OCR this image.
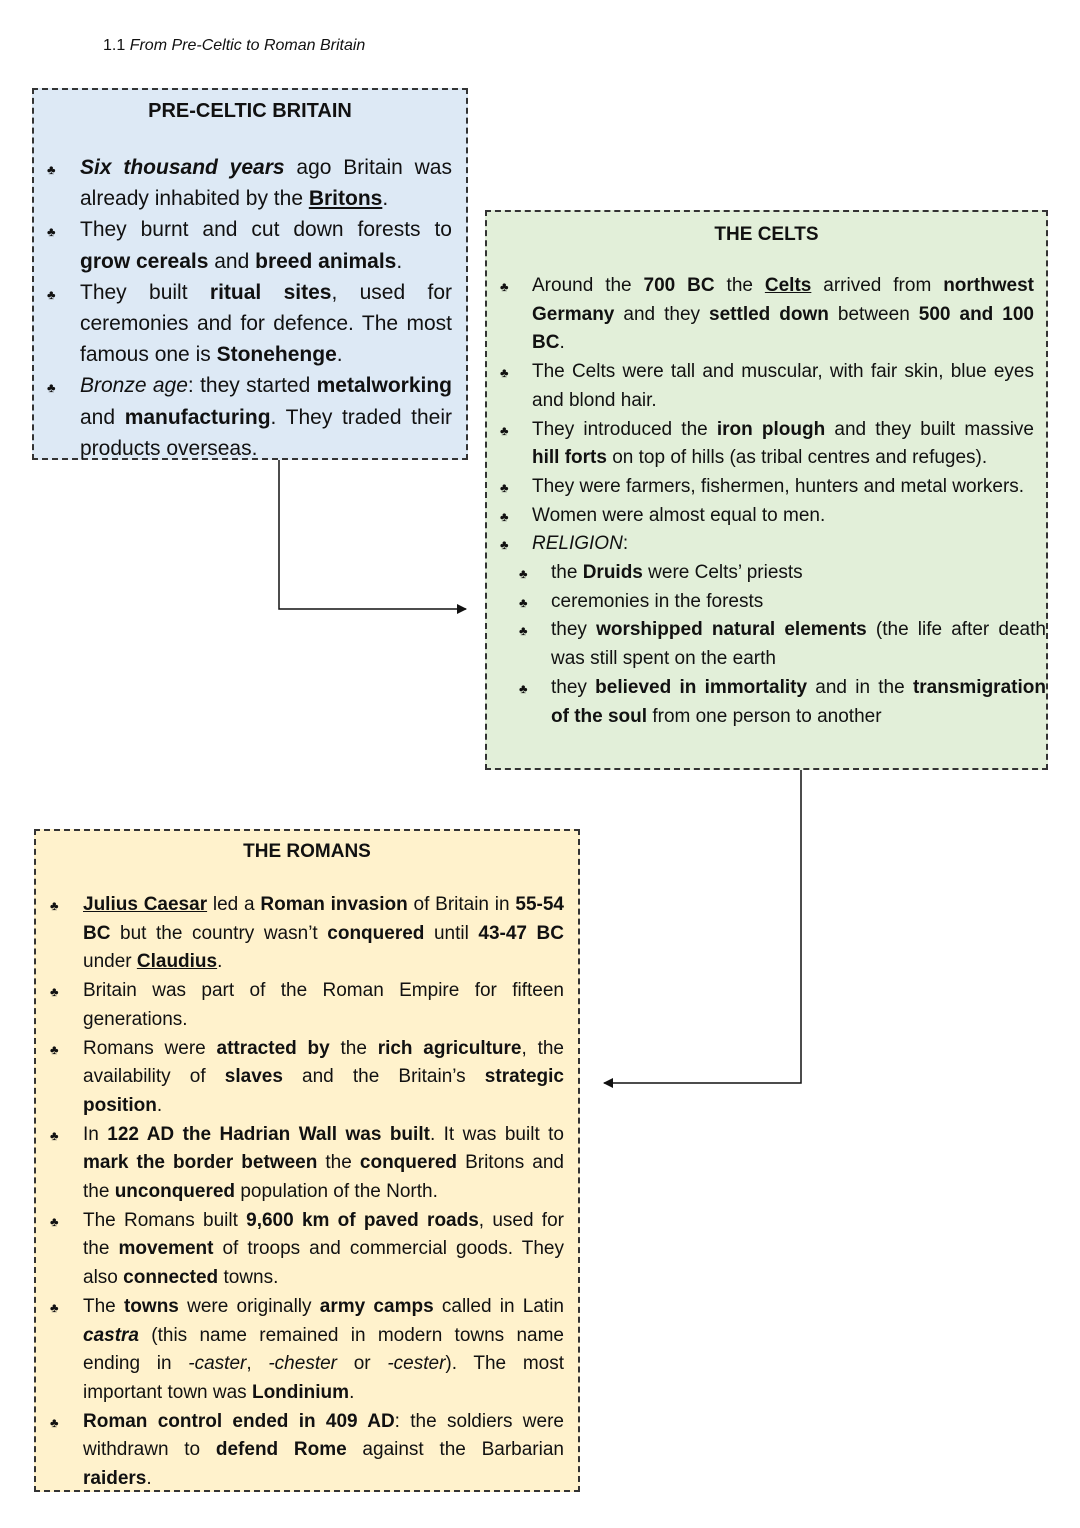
1.1 From Pre-Celtic to Roman Britain
PRE-CELTIC BRITAIN
♣ Six thousand years ago Britain was already inhabited by the Britons.
♣ They burnt and cut down forests to grow cereals and breed animals.
♣ They built ritual sites, used for ceremonies and for defence. The most famous one is Stonehenge.
♣ Bronze age: they started metalworking and manufacturing. They traded their products overseas.
THE CELTS
♣ Around the 700 BC the Celts arrived from northwest Germany and they settled down between 500 and 100 BC.
♣ The Celts were tall and muscular, with fair skin, blue eyes and blond hair.
♣ They introduced the iron plough and they built massive hill forts on top of hills (as tribal centres and refuges).
♣ They were farmers, fishermen, hunters and metal workers.
♣ Women were almost equal to men.
♣ RELIGION:
♣ the Druids were Celts’ priests
♣ ceremonies in the forests
♣ they worshipped natural elements (the life after death was still spent on the earth
♣ they believed in immortality and in the transmigration of the soul from one person to another
THE ROMANS
♣ Julius Caesar led a Roman invasion of Britain in 55-54 BC but the country wasn’t conquered until 43-47 BC under Claudius.
♣ Britain was part of the Roman Empire for fifteen generations.
♣ Romans were attracted by the rich agriculture, the availability of slaves and the Britain’s strategic position.
♣ In 122 AD the Hadrian Wall was built. It was built to mark the border between the conquered Britons and the unconquered population of the North.
♣ The Romans built 9,600 km of paved roads, used for the movement of troops and commercial goods. They also connected towns.
♣ The towns were originally army camps called in Latin castra (this name remained in modern towns name ending in -caster, -chester or -cester). The most important town was Londinium.
♣ Roman control ended in 409 AD: the soldiers were withdrawn to defend Rome against the Barbarian raiders.
